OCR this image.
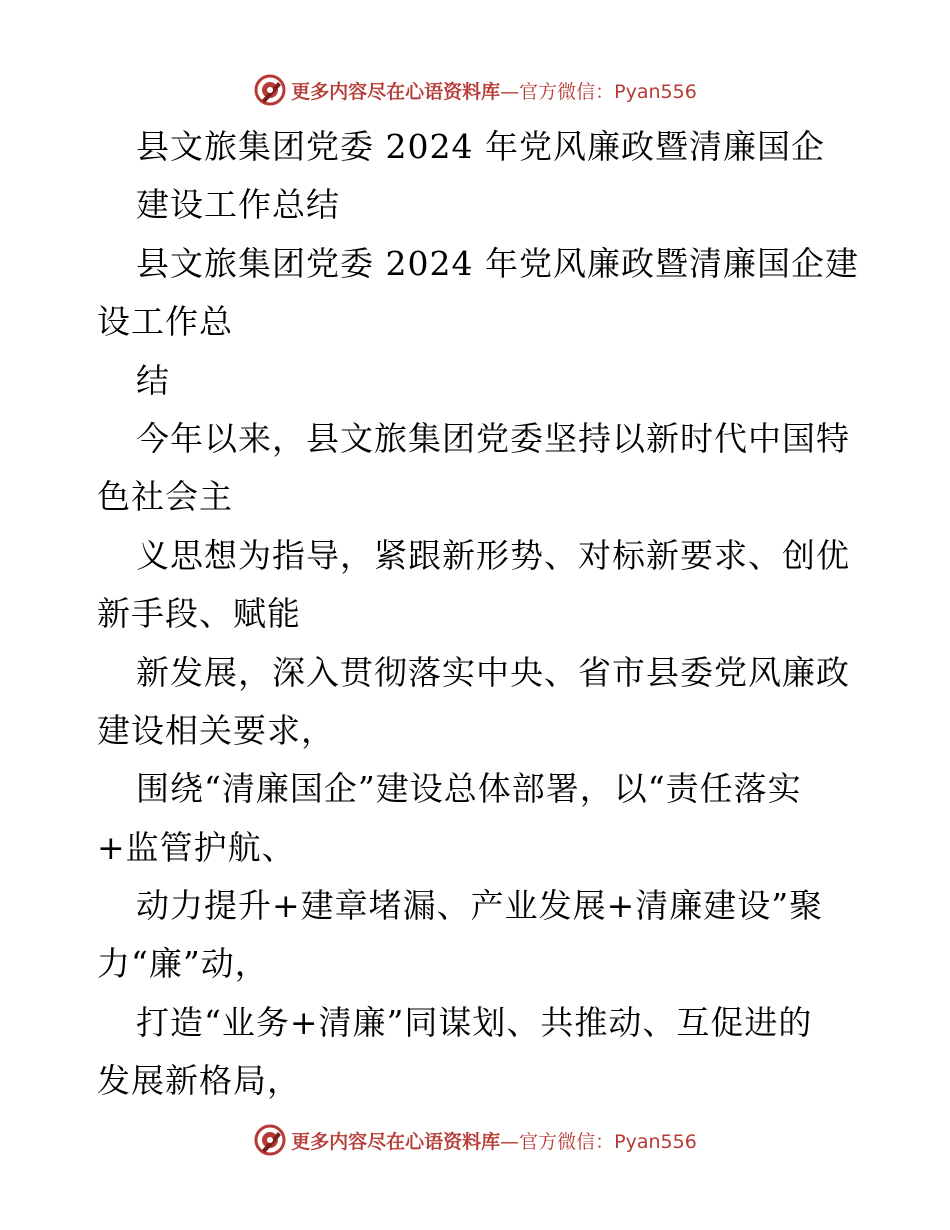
更多内容尽在心语资料库—官方微信：Pyan556
县文旅集团党委 2024 年党风廉政暨清廉国企
建设工作总结
县文旅集团党委 2024 年党风廉政暨清廉国企建
设工作总
结
今年以来，县文旅集团党委坚持以新时代中国特
色社会主
义思想为指导，紧跟新形势、对标新要求、创优
新手段、赋能
新发展，深入贯彻落实中央、省市县委党风廉政
建设相关要求，
围绕“清廉国企”建设总体部署，以“责任落实
+监管护航、
动力提升+建章堵漏、产业发展+清廉建设”聚
力“廉”动，
打造“业务+清廉”同谋划、共推动、互促进的
发展新格局，
更多内容尽在心语资料库—官方微信：Pyan556
